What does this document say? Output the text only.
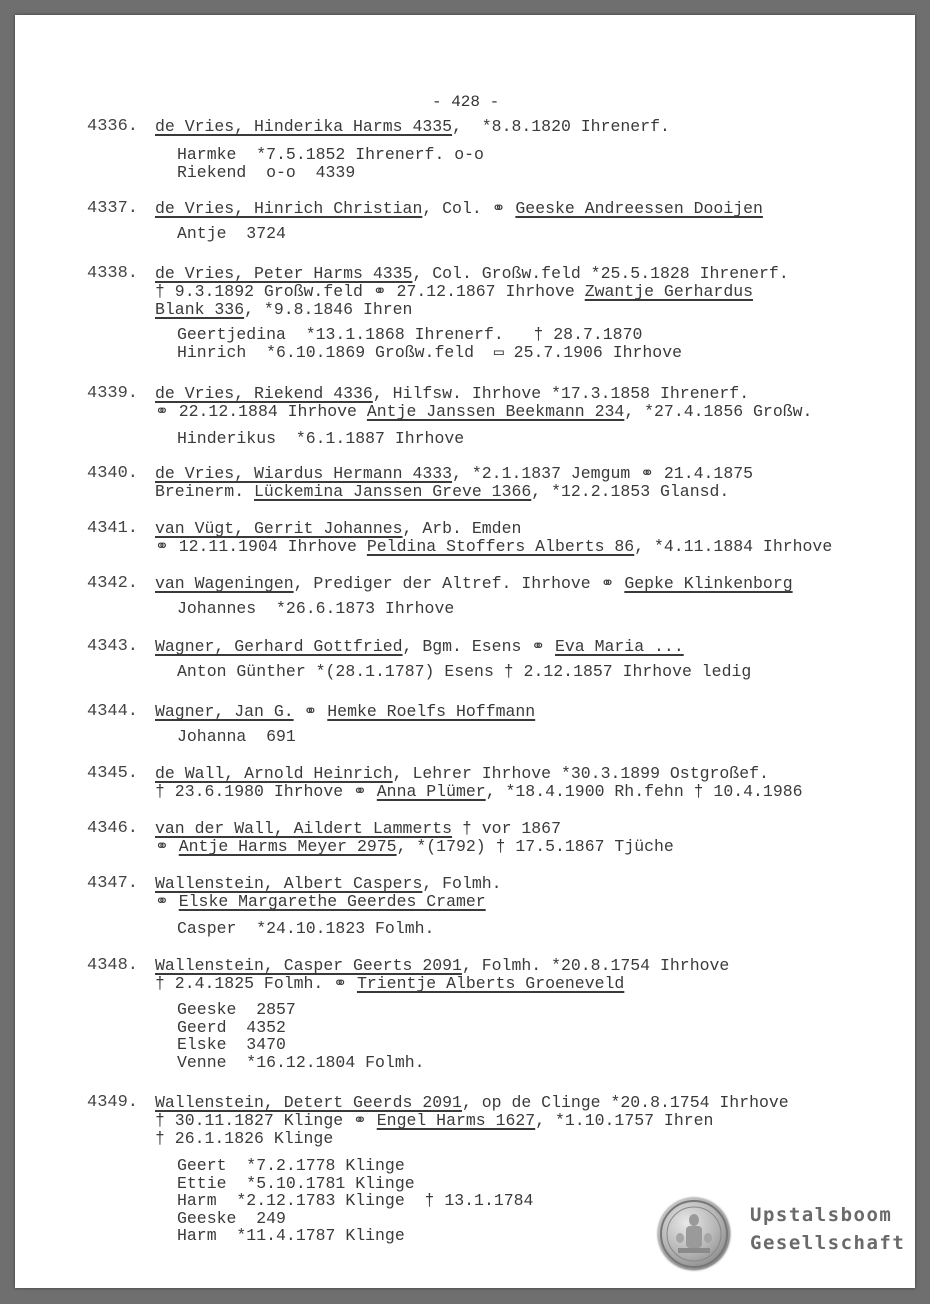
- 428 -
4336. de Vries, Hinderika Harms 4335,  *8.8.1820 Ihrenerf.
Harmke  *7.5.1852 Ihrenerf. o-o
Riekend  o-o  4339
4337. de Vries, Hinrich Christian, Col. ⚭ Geeske Andreessen Dooijen
Antje  3724
4338. de Vries, Peter Harms 4335, Col. Großw.feld *25.5.1828 Ihrenerf.
† 9.3.1892 Großw.feld ⚭ 27.12.1867 Ihrhove Zwantje Gerhardus
Blank 336, *9.8.1846 Ihren
Geertjedina  *13.1.1868 Ihrenerf.   † 28.7.1870
Hinrich  *6.10.1869 Großw.feld  ▭ 25.7.1906 Ihrhove
4339. de Vries, Riekend 4336, Hilfsw. Ihrhove *17.3.1858 Ihrenerf.
⚭ 22.12.1884 Ihrhove Antje Janssen Beekmann 234, *27.4.1856 Großw.
Hinderikus  *6.1.1887 Ihrhove
4340. de Vries, Wiardus Hermann 4333, *2.1.1837 Jemgum ⚭ 21.4.1875
Breinerm. Lückemina Janssen Greve 1366, *12.2.1853 Glansd.
4341. van Vügt, Gerrit Johannes, Arb. Emden
⚭ 12.11.1904 Ihrhove Peldina Stoffers Alberts 86, *4.11.1884 Ihrhove
4342. van Wageningen, Prediger der Altref. Ihrhove ⚭ Gepke Klinkenborg
Johannes  *26.6.1873 Ihrhove
4343. Wagner, Gerhard Gottfried, Bgm. Esens ⚭ Eva Maria ...
Anton Günther *(28.1.1787) Esens † 2.12.1857 Ihrhove ledig
4344. Wagner, Jan G. ⚭ Hemke Roelfs Hoffmann
Johanna  691
4345. de Wall, Arnold Heinrich, Lehrer Ihrhove *30.3.1899 Ostgroßef.
† 23.6.1980 Ihrhove ⚭ Anna Plümer, *18.4.1900 Rh.fehn † 10.4.1986
4346. van der Wall, Aildert Lammerts † vor 1867
⚭ Antje Harms Meyer 2975, *(1792) † 17.5.1867 Tjüche
4347. Wallenstein, Albert Caspers, Folmh.
⚭ Elske Margarethe Geerdes Cramer
Casper  *24.10.1823 Folmh.
4348. Wallenstein, Casper Geerts 2091, Folmh. *20.8.1754 Ihrhove
† 2.4.1825 Folmh. ⚭ Trientje Alberts Groeneveld
Geeske  2857
Geerd  4352
Elske  3470
Venne  *16.12.1804 Folmh.
4349. Wallenstein, Detert Geerds 2091, op de Clinge *20.8.1754 Ihrhove
† 30.11.1827 Klinge ⚭ Engel Harms 1627, *1.10.1757 Ihren
† 26.1.1826 Klinge
Geert  *7.2.1778 Klinge
Ettie  *5.10.1781 Klinge
Harm  *2.12.1783 Klinge  † 13.1.1784
Geeske  249
Harm  *11.4.1787 Klinge
Upstalsboom
Gesellschaft
